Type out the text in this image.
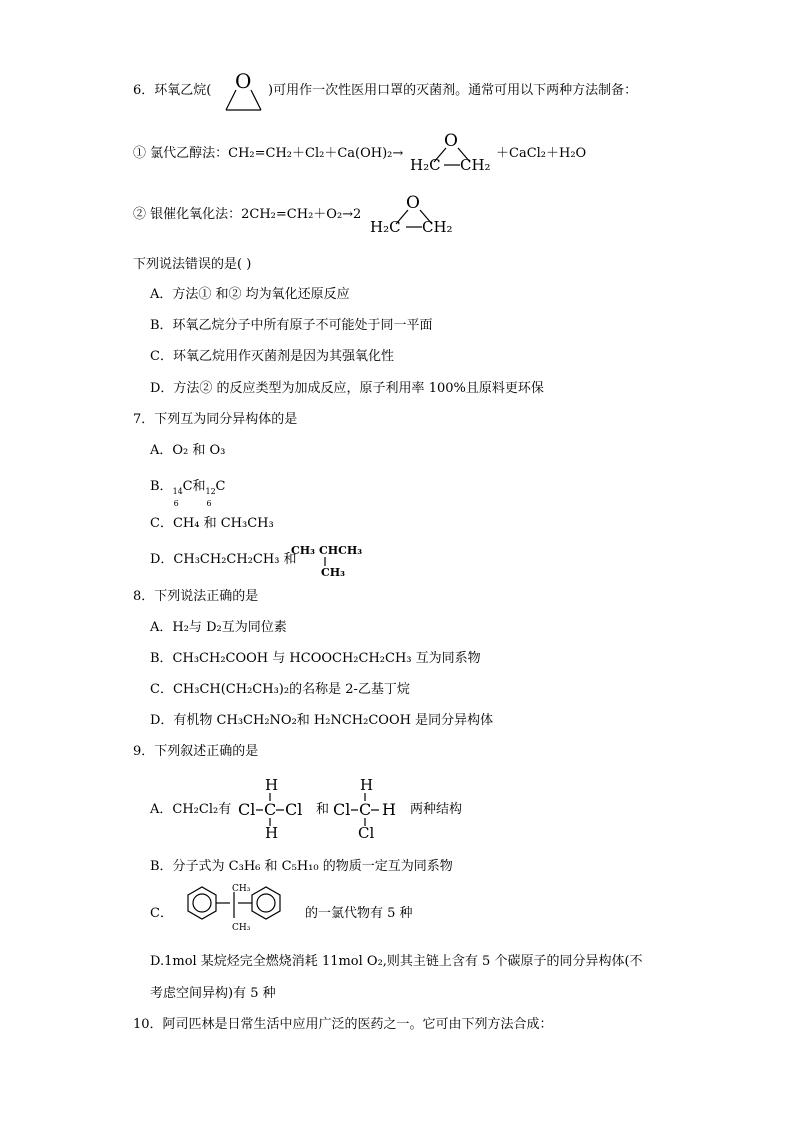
6．环氧乙烷( O )可用作一次性医用口罩的灭菌剂。通常可用以下两种方法制备：
① 氯代乙醇法：CH₂=CH₂＋Cl₂＋Ca(OH)₂→
O
H₂C CH₂
＋CaCl₂＋H₂O
② 银催化氧化法：2CH₂=CH₂＋O₂→2
O
H₂C CH₂
下列说法错误的是( )
A．方法① 和② 均为氧化还原反应
B．环氧乙烷分子中所有原子不可能处于同一平面
C．环氧乙烷用作灭菌剂是因为其强氧化性
D．方法② 的反应类型为加成反应，原子利用率 100%且原料更环保
7．下列互为同分异构体的是
A．O₂ 和 O₃
B． 14
6
C和 12
6
C
C．CH₄ 和 CH₃CH₃
D．CH₃CH₂CH₂CH₃ 和
CH₃ CHCH₃
CH₃
8．下列说法正确的是
A．H₂与 D₂互为同位素
B．CH₃CH₂COOH 与 HCOOCH₂CH₂CH₃ 互为同系物
C．CH₃CH(CH₂CH₃)₂的名称是 2-乙基丁烷
D．有机物 CH₃CH₂NO₂和 H₂NCH₂COOH 是同分异构体
9．下列叙述正确的是
A．CH₂Cl₂有
H
Cl C Cl
H
和
H
Cl C H
Cl
两种结构
B．分子式为 C₃H₆ 和 C₅H₁₀ 的物质一定互为同系物
C．
CH₃
CH₃
的一氯代物有 5 种
D.1mol 某烷烃完全燃烧消耗 11mol O₂,则其主链上含有 5 个碳原子的同分异构体(不
考虑空间异构)有 5 种
10．阿司匹林是日常生活中应用广泛的医药之一。它可由下列方法合成：
